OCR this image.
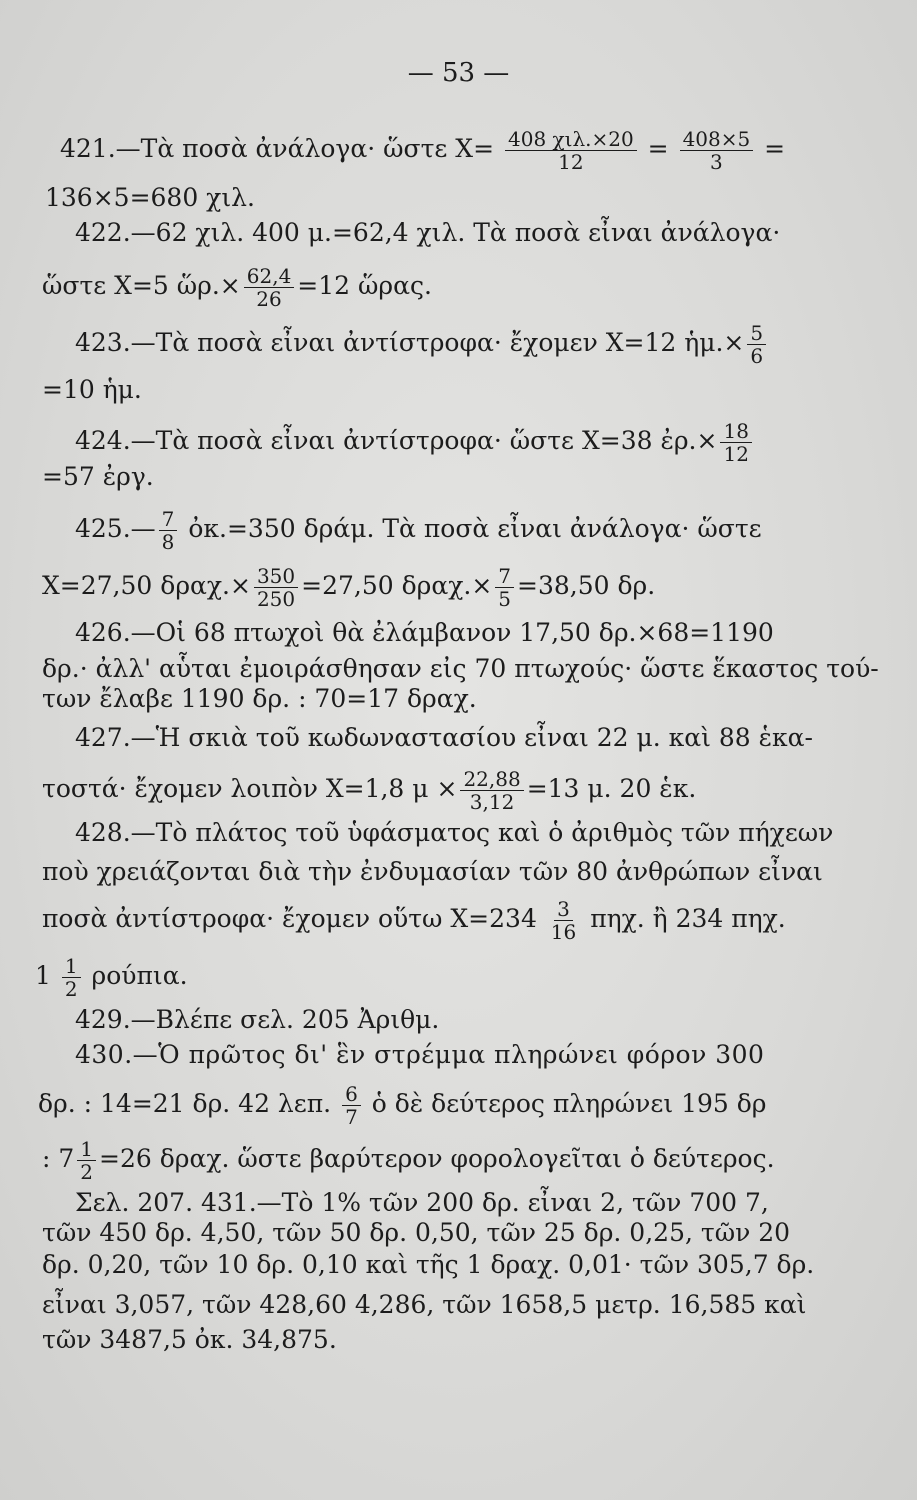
— 53 —
421.—Τὰ ποσὰ ἀνάλογα· ὥστε X= 408 χιλ.×20
$12 = \frac{408\times 5}{3}$ =
136×5=680 χιλ.
422.—62 χιλ. 400 μ.=62,4 χιλ. Τὰ ποσὰ εἶναι ἀνάλογα·
ὥστε X=5 ὥρ.× $\frac{62,4}{26} =12$ ὥρας.
423.—Τὰ ποσὰ εἶναι ἀντίστροφα· ἔχομεν X=12 ἡμ.× $\frac{5}{6}$
=10 ἡμ.
424.—Τὰ ποσὰ εἶναι ἀντίστροφα· ὥστε X=38 ἐρ.× $\frac{18}{12}$
=57 ἐργ.
425.— $\frac{7}{8}$ ὀκ.=350 δράμ. Τὰ ποσὰ εἶναι ἀνάλογα· ὥστε
X=27,50 $\delta\rho\alpha\chi.\times \frac{350}{250} =27,50$ $\delta\rho\alpha\chi.\times \frac{7}{5} =38,50$ δρ.
426.—Οἱ 68 πτωχοὶ θὰ ἐλάμβανον 17,50 δρ.×68=1190
δρ.· ἀλλ' αὗται ἐμοιράσθησαν εἰς 70 πτωχούς· ὥστε ἕκαστος τού-
των ἔλαβε 1190 δρ. : 70=17 δραχ.
427.—Ἡ σκιὰ τοῦ κωδωναστασίου εἶναι 22 μ. καὶ 88 ἑκα-
τοστά· ἔχομεν λοιπὸν X=1,8 $\mu \times \frac{22,88}{3,12} =13$ μ. 20 ἑκ.
428.—Τὸ πλάτος τοῦ ὑφάσματος καὶ ὁ ἀριθμὸς τῶν πήχεων
ποὺ χρειάζονται διὰ τὴν ἐνδυμασίαν τῶν 80 ἀνθρώπων εἶναι
ποσὰ ἀντίστροφα· ἔχομεν οὕτω $X=234 \frac{3}{16} \pi\eta\chi$. ἢ 234 πηχ.
$1 \frac{1}{2} \rho oύ\pi\iota\alpha$.
429.—Βλέπε σελ. 205 Ἀριθμ.
430.—Ὁ πρῶτος δι' ἓν στρέμμα πληρώνει φόρον 300
δρ. : 14=21 δρ. 42 λεπ. $\frac{6}{7}$ ὁ δὲ δεύτερος πληρώνει 195 δρ
: $7 \frac{1}{2} =26$ δραχ. ὥστε βαρύτερον φορολογεῖται ὁ δεύτερος.
Σελ. 207. 431.—Τὸ 1% τῶν 200 δρ. εἶναι 2, τῶν 700 7,
τῶν 450 δρ. 4,50, τῶν 50 δρ. 0,50, τῶν 25 δρ. 0,25, τῶν 20
δρ. 0,20, τῶν 10 δρ. 0,10 καὶ τῆς 1 δραχ. 0,01· τῶν 305,7 δρ.
εἶναι 3,057, τῶν 428,60 4,286, τῶν 1658,5 μετρ. 16,585 καὶ
τῶν 3487,5 ὀκ. 34,875.
